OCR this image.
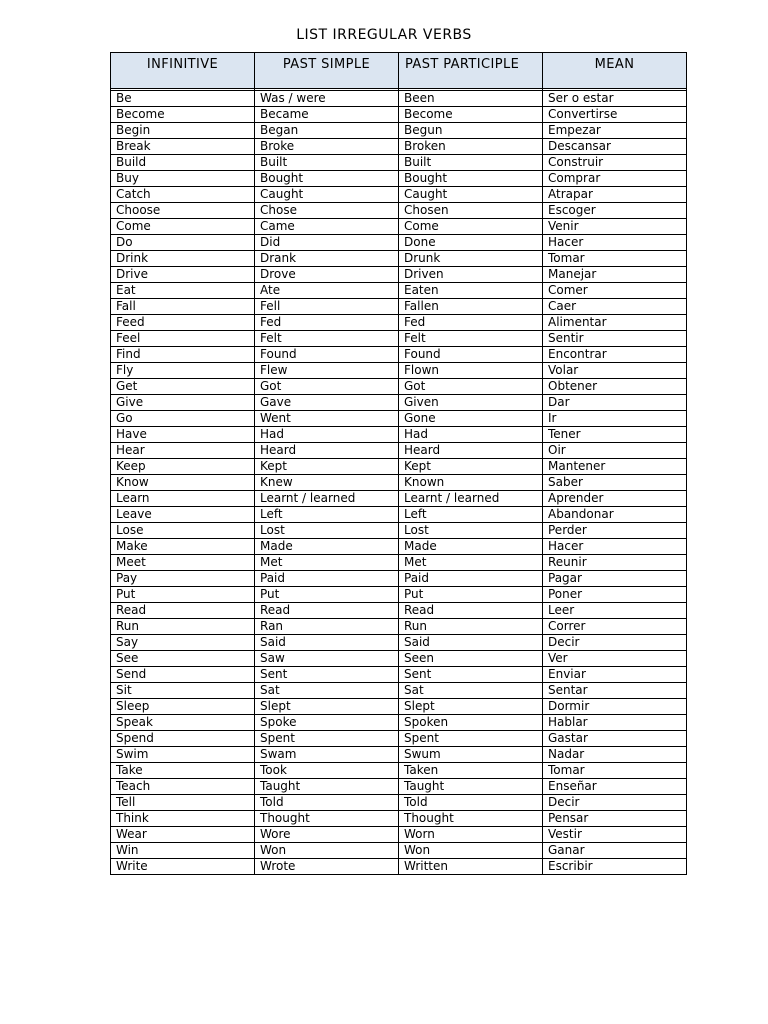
LIST IRREGULAR VERBS
INFINITIVE	PAST SIMPLE	PAST PARTICIPLE	MEAN

Be	Was / were	Been	Ser o estar
Become	Became	Become	Convertirse
Begin	Began	Begun	Empezar
Break	Broke	Broken	Descansar
Build	Built	Built	Construir
Buy	Bought	Bought	Comprar
Catch	Caught	Caught	Atrapar
Choose	Chose	Chosen	Escoger
Come	Came	Come	Venir
Do	Did	Done	Hacer
Drink	Drank	Drunk	Tomar
Drive	Drove	Driven	Manejar
Eat	Ate	Eaten	Comer
Fall	Fell	Fallen	Caer
Feed	Fed	Fed	Alimentar
Feel	Felt	Felt	Sentir
Find	Found	Found	Encontrar
Fly	Flew	Flown	Volar
Get	Got	Got	Obtener
Give	Gave	Given	Dar
Go	Went	Gone	Ir
Have	Had	Had	Tener
Hear	Heard	Heard	Oir
Keep	Kept	Kept	Mantener
Know	Knew	Known	Saber
Learn	Learnt / learned	Learnt / learned	Aprender
Leave	Left	Left	Abandonar
Lose	Lost	Lost	Perder
Make	Made	Made	Hacer
Meet	Met	Met	Reunir
Pay	Paid	Paid	Pagar
Put	Put	Put	Poner
Read	Read	Read	Leer
Run	Ran	Run	Correr
Say	Said	Said	Decir
See	Saw	Seen	Ver
Send	Sent	Sent	Enviar
Sit	Sat	Sat	Sentar
Sleep	Slept	Slept	Dormir
Speak	Spoke	Spoken	Hablar
Spend	Spent	Spent	Gastar
Swim	Swam	Swum	Nadar
Take	Took	Taken	Tomar
Teach	Taught	Taught	Enseñar
Tell	Told	Told	Decir
Think	Thought	Thought	Pensar
Wear	Wore	Worn	Vestir
Win	Won	Won	Ganar
Write	Wrote	Written	Escribir
